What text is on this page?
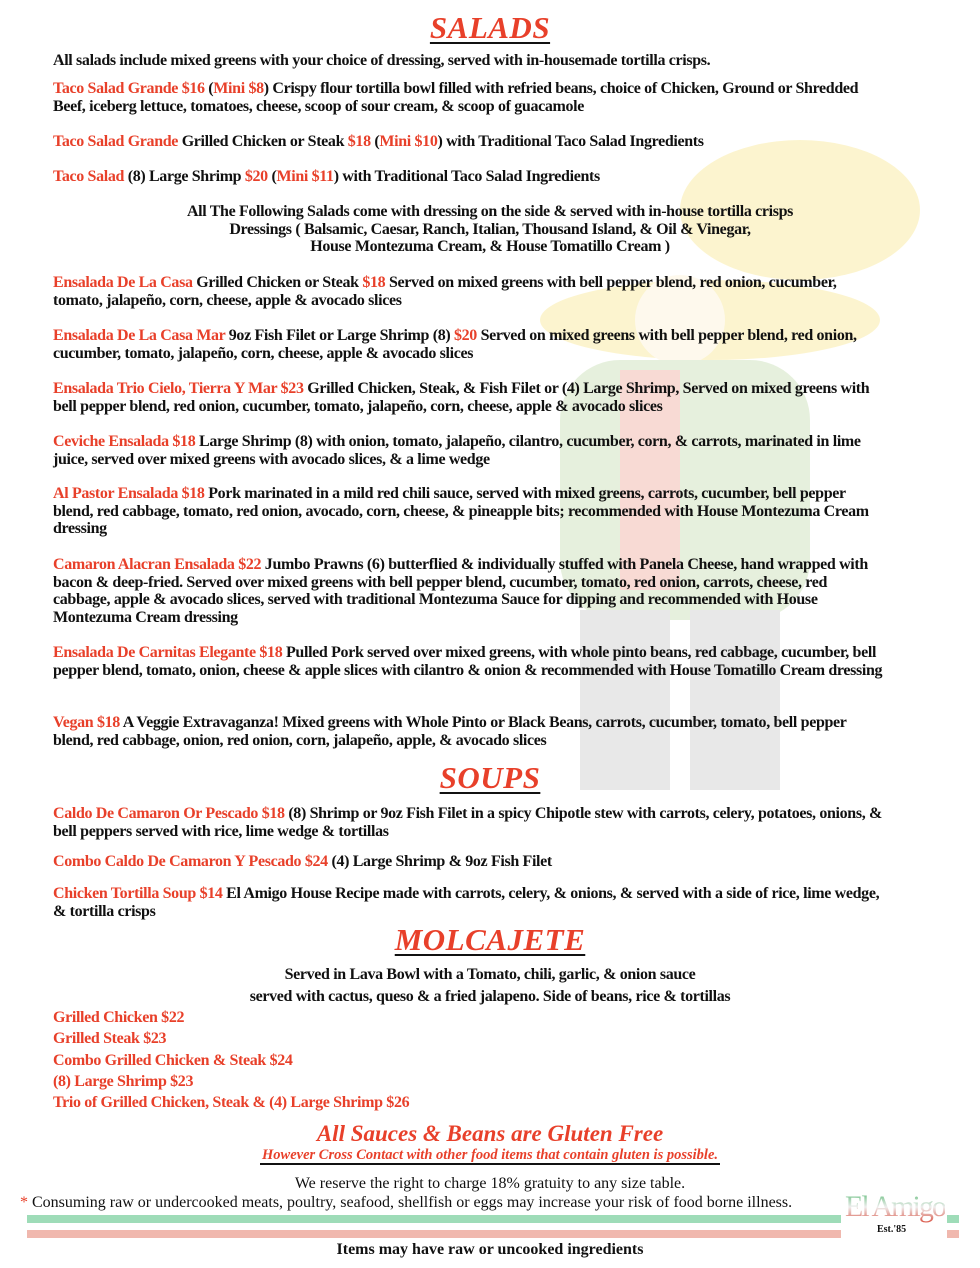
SALADS
All salads include mixed greens with your choice of dressing, served with in-housemade tortilla crisps.
Taco Salad Grande $16 (Mini $8) Crispy flour tortilla bowl filled with refried beans, choice of Chicken, Ground or Shredded Beef, iceberg lettuce, tomatoes, cheese, scoop of sour cream, & scoop of guacamole
Taco Salad Grande Grilled Chicken or Steak $18 (Mini $10) with Traditional Taco Salad Ingredients
Taco Salad (8) Large Shrimp $20 (Mini $11) with Traditional Taco Salad Ingredients
All The Following Salads come with dressing on the side & served with in-house tortilla crisps
Dressings ( Balsamic, Caesar, Ranch, Italian, Thousand Island, & Oil & Vinegar,
House Montezuma Cream, & House Tomatillo Cream )
Ensalada De La Casa Grilled Chicken or Steak $18 Served on mixed greens with bell pepper blend, red onion, cucumber, tomato, jalapeño, corn, cheese, apple & avocado slices
Ensalada De La Casa Mar 9oz Fish Filet or Large Shrimp (8) $20 Served on mixed greens with bell pepper blend, red onion, cucumber, tomato, jalapeño, corn, cheese, apple & avocado slices
Ensalada Trio Cielo, Tierra Y Mar $23 Grilled Chicken, Steak, & Fish Filet or (4) Large Shrimp, Served on mixed greens with bell pepper blend, red onion, cucumber, tomato, jalapeño, corn, cheese, apple & avocado slices
Ceviche Ensalada $18 Large Shrimp (8) with onion, tomato, jalapeño, cilantro, cucumber, corn, & carrots, marinated in lime juice, served over mixed greens with avocado slices, & a lime wedge
Al Pastor Ensalada $18 Pork marinated in a mild red chili sauce, served with mixed greens, carrots, cucumber, bell pepper blend, red cabbage, tomato, red onion, avocado, corn, cheese, & pineapple bits; recommended with House Montezuma Cream dressing
Camaron Alacran Ensalada $22 Jumbo Prawns (6) butterflied & individually stuffed with Panela Cheese, hand wrapped with bacon & deep-fried. Served over mixed greens with bell pepper blend, cucumber, tomato, red onion, carrots, cheese, red cabbage, apple & avocado slices, served with traditional Montezuma Sauce for dipping and recommended with House Montezuma Cream dressing
Ensalada De Carnitas Elegante $18 Pulled Pork served over mixed greens, with whole pinto beans, red cabbage, cucumber, bell pepper blend, tomato, onion, cheese & apple slices with cilantro & onion & recommended with House Tomatillo Cream dressing
Vegan $18 A Veggie Extravaganza! Mixed greens with Whole Pinto or Black Beans, carrots, cucumber, tomato, bell pepper blend, red cabbage, onion, red onion, corn, jalapeño, apple, & avocado slices
SOUPS
Caldo De Camaron Or Pescado $18 (8) Shrimp or 9oz Fish Filet in a spicy Chipotle stew with carrots, celery, potatoes, onions, & bell peppers served with rice, lime wedge & tortillas
Combo Caldo De Camaron Y Pescado $24 (4) Large Shrimp & 9oz Fish Filet
Chicken Tortilla Soup $14 El Amigo House Recipe made with carrots, celery, & onions, & served with a side of rice, lime wedge, & tortilla crisps
MOLCAJETE
Served in Lava Bowl with a Tomato, chili, garlic, & onion sauce
served with cactus, queso & a fried jalapeno. Side of beans, rice & tortillas
Grilled Chicken $22
Grilled Steak $23
Combo Grilled Chicken & Steak $24
(8) Large Shrimp $23
Trio of Grilled Chicken, Steak & (4) Large Shrimp $26
All Sauces & Beans are Gluten Free
However Cross Contact with other food items that contain gluten is possible.
We reserve the right to charge 18% gratuity to any size table.
* Consuming raw or undercooked meats, poultry, seafood, shellfish or eggs may increase your risk of food borne illness.	El Amigo
Est.'85
Items may have raw or uncooked ingredients
